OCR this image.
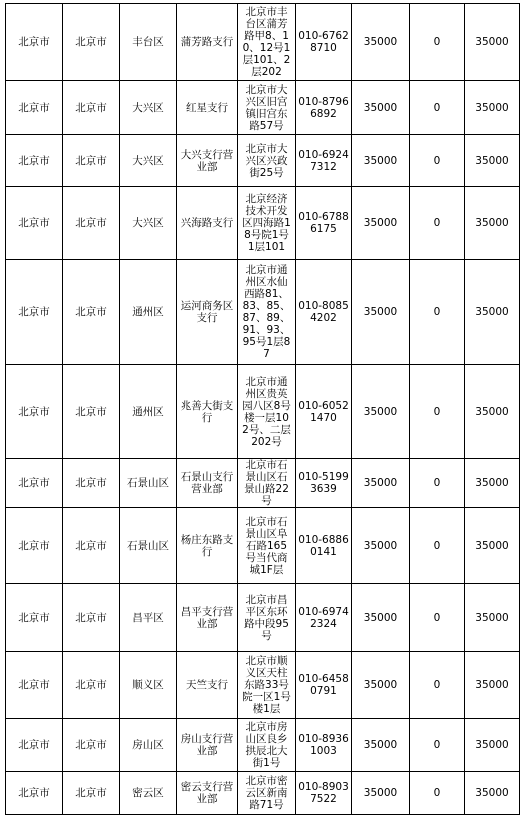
北京市	北京市	丰台区	蒲芳路支行	北京市丰台区蒲芳路甲8、10、12号1层101、2层202	010-67628710	35000	0	35000
北京市	北京市	大兴区	红星支行	北京市大兴区旧宫镇旧宫东路57号	010-87966892	35000	0	35000
北京市	北京市	大兴区	大兴支行营业部	北京市大兴区兴政街25号	010-69247312	35000	0	35000
北京市	北京市	大兴区	兴海路支行	北京经济技术开发区四海路18号院1号1层101	010-67886175	35000	0	35000
北京市	北京市	通州区	运河商务区支行	北京市通州区水仙西路81、83、85、87、89、91、93、95号1层87	010-80854202	35000	0	35000
北京市	北京市	通州区	兆善大街支行	北京市通州区贵英园八区8号楼一层102号、二层202号	010-60521470	35000	0	35000
北京市	北京市	石景山区	石景山支行营业部	北京市石景山区石景山路22号	010-51993639	35000	0	35000
北京市	北京市	石景山区	杨庄东路支行	北京市石景山区阜石路165号当代商城1F层	010-68860141	35000	0	35000
北京市	北京市	昌平区	昌平支行营业部	北京市昌平区东环路中段95号	010-69742324	35000	0	35000
北京市	北京市	顺义区	天竺支行	北京市顺义区天柱东路33号院一区1号楼1层	010-64580791	35000	0	35000
北京市	北京市	房山区	房山支行营业部	北京市房山区良乡拱辰北大街1号	010-89361003	35000	0	35000
北京市	北京市	密云区	密云支行营业部	北京市密云区新南路71号	010-89037522	35000	0	35000
